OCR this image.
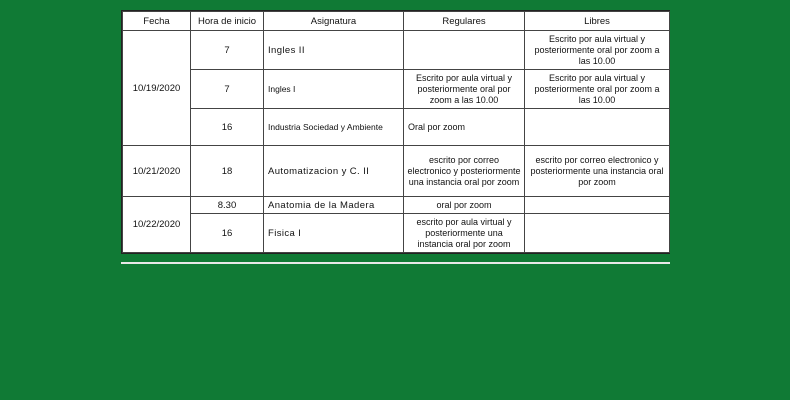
Fecha	Hora de inicio	Asignatura	Regulares	Libres
10/19/2020	7	Ingles II		Escrito por aula virtual y posteriormente oral por zoom a las 10.00
	7	Ingles I	Escrito por aula virtual y posteriormente oral por zoom a las 10.00	Escrito por aula virtual y posteriormente oral por zoom a las 10.00
	16	Industria Sociedad y Ambiente	Oral por zoom	
10/21/2020	18	Automatizacion y C. II	escrito por correo electronico y posteriormente una instancia oral por zoom	escrito por correo electronico y posteriormente una instancia oral por zoom
10/22/2020	8.30	Anatomia de la Madera	oral por zoom	
	16	Fisica I	escrito por aula virtual y posteriormente una instancia oral por zoom	
